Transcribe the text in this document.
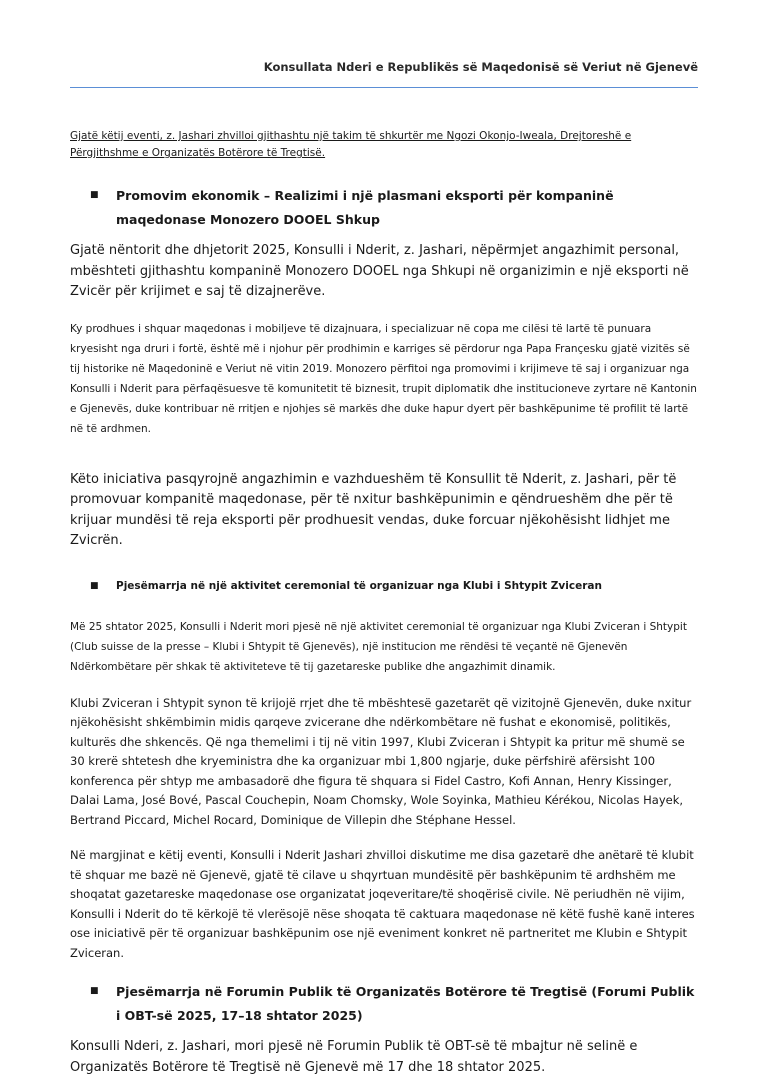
Konsullata Nderi e Republikës së Maqedonisë së Veriut në Gjenevë

Gjatë këtij eventi, z. Jashari zhvilloi gjithashtu një takim të shkurtër me Ngozi Okonjo-Iweala, Drejtoreshë e Përgjithshme e Organizatës Botërore të Tregtisë.

■ Promovim ekonomik – Realizimi i një plasmani eksporti për kompaninë maqedonase Monozero DOOEL Shkup

Gjatë nëntorit dhe dhjetorit 2025, Konsulli i Nderit, z. Jashari, nëpërmjet angazhimit personal, mbështeti gjithashtu kompaninë Monozero DOOEL nga Shkupi në organizimin e një eksporti në Zvicër për krijimet e saj të dizajnerëve.

Ky prodhues i shquar maqedonas i mobiljeve të dizajnuara, i specializuar në copa me cilësi të lartë të punuara kryesisht nga druri i fortë, është më i njohur për prodhimin e karriges së përdorur nga Papa Françesku gjatë vizitës së tij historike në Maqedoninë e Veriut në vitin 2019. Monozero përfitoi nga promovimi i krijimeve të saj i organizuar nga Konsulli i Nderit para përfaqësuesve të komunitetit të biznesit, trupit diplomatik dhe institucioneve zyrtare në Kantonin e Gjenevës, duke kontribuar në rritjen e njohjes së markës dhe duke hapur dyert për bashkëpunime të profilit të lartë në të ardhmen.

Këto iniciativa pasqyrojnë angazhimin e vazhdueshëm të Konsullit të Nderit, z. Jashari, për të promovuar kompanitë maqedonase, për të nxitur bashkëpunimin e qëndrueshëm dhe për të krijuar mundësi të reja eksporti për prodhuesit vendas, duke forcuar njëkohësisht lidhjet me Zvicrën.

■ Pjesëmarrja në një aktivitet ceremonial të organizuar nga Klubi i Shtypit Zviceran

Më 25 shtator 2025, Konsulli i Nderit mori pjesë në një aktivitet ceremonial të organizuar nga Klubi Zviceran i Shtypit (Club suisse de la presse – Klubi i Shtypit të Gjenevës), një institucion me rëndësi të veçantë në Gjenevën Ndërkombëtare për shkak të aktiviteteve të tij gazetareske publike dhe angazhimit dinamik.

Klubi Zviceran i Shtypit synon të krijojë rrjet dhe të mbështesë gazetarët që vizitojnë Gjenevën, duke nxitur njëkohësisht shkëmbimin midis qarqeve zvicerane dhe ndërkombëtare në fushat e ekonomisë, politikës, kulturës dhe shkencës. Që nga themelimi i tij në vitin 1997, Klubi Zviceran i Shtypit ka pritur më shumë se 30 krerë shtetesh dhe kryeministra dhe ka organizuar mbi 1,800 ngjarje, duke përfshirë afërsisht 100 konferenca për shtyp me ambasadorë dhe figura të shquara si Fidel Castro, Kofi Annan, Henry Kissinger, Dalai Lama, José Bové, Pascal Couchepin, Noam Chomsky, Wole Soyinka, Mathieu Kérékou, Nicolas Hayek, Bertrand Piccard, Michel Rocard, Dominique de Villepin dhe Stéphane Hessel.

Në margjinat e këtij eventi, Konsulli i Nderit Jashari zhvilloi diskutime me disa gazetarë dhe anëtarë të klubit të shquar me bazë në Gjenevë, gjatë të cilave u shqyrtuan mundësitë për bashkëpunim të ardhshëm me shoqatat gazetareske maqedonase ose organizatat joqeveritare/të shoqërisë civile. Në periudhën në vijim, Konsulli i Nderit do të kërkojë të vlerësojë nëse shoqata të caktuara maqedonase në këtë fushë kanë interes ose iniciativë për të organizuar bashkëpunim ose një eveniment konkret në partneritet me Klubin e Shtypit Zviceran.

■ Pjesëmarrja në Forumin Publik të Organizatës Botërore të Tregtisë (Forumi Publik i OBT-së 2025, 17–18 shtator 2025)

Konsulli Nderi, z. Jashari, mori pjesë në Forumin Publik të OBT-së të mbajtur në selinë e Organizatës Botërore të Tregtisë në Gjenevë më 17 dhe 18 shtator 2025.
